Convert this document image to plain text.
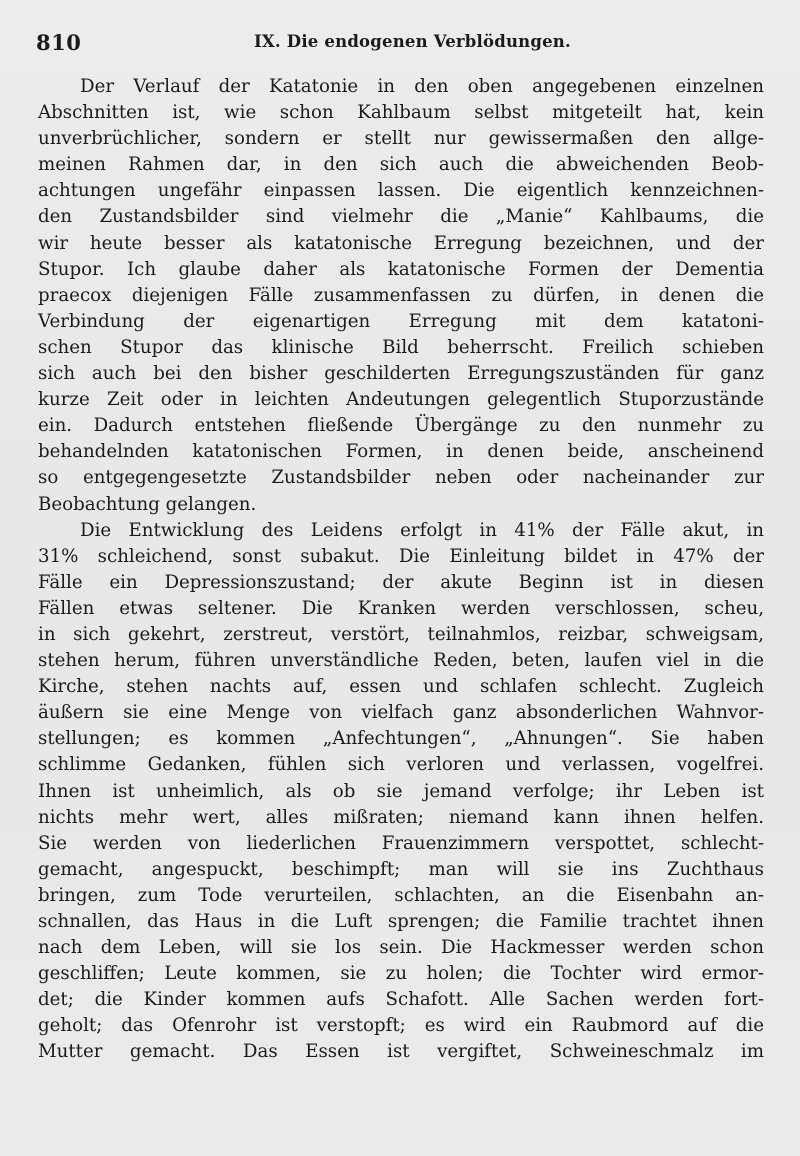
810	IX. Die endogenen Verblödungen.

Der Verlauf der Katatonie in den oben angegebenen einzelnen
Abschnitten ist, wie schon Kahlbaum selbst mitgeteilt hat, kein
unverbrüchlicher, sondern er stellt nur gewissermaßen den allge-
meinen Rahmen dar, in den sich auch die abweichenden Beob-
achtungen ungefähr einpassen lassen. Die eigentlich kennzeichnen-
den Zustandsbilder sind vielmehr die „Manie“ Kahlbaums, die
wir heute besser als katatonische Erregung bezeichnen, und der
Stupor. Ich glaube daher als katatonische Formen der Dementia
praecox diejenigen Fälle zusammenfassen zu dürfen, in denen die
Verbindung der eigenartigen Erregung mit dem katatoni-
schen Stupor das klinische Bild beherrscht. Freilich schieben
sich auch bei den bisher geschilderten Erregungszuständen für ganz
kurze Zeit oder in leichten Andeutungen gelegentlich Stuporzustände
ein. Dadurch entstehen fließende Übergänge zu den nunmehr zu
behandelnden katatonischen Formen, in denen beide, anscheinend
so entgegengesetzte Zustandsbilder neben oder nacheinander zur
Beobachtung gelangen.

Die Entwicklung des Leidens erfolgt in 41% der Fälle akut, in
31% schleichend, sonst subakut. Die Einleitung bildet in 47% der
Fälle ein Depressionszustand; der akute Beginn ist in diesen
Fällen etwas seltener. Die Kranken werden verschlossen, scheu,
in sich gekehrt, zerstreut, verstört, teilnahmlos, reizbar, schweigsam,
stehen herum, führen unverständliche Reden, beten, laufen viel in die
Kirche, stehen nachts auf, essen und schlafen schlecht. Zugleich
äußern sie eine Menge von vielfach ganz absonderlichen Wahnvor-
stellungen; es kommen „Anfechtungen“, „Ahnungen“. Sie haben
schlimme Gedanken, fühlen sich verloren und verlassen, vogelfrei.
Ihnen ist unheimlich, als ob sie jemand verfolge; ihr Leben ist
nichts mehr wert, alles mißraten; niemand kann ihnen helfen.
Sie werden von liederlichen Frauenzimmern verspottet, schlecht-
gemacht, angespuckt, beschimpft; man will sie ins Zuchthaus
bringen, zum Tode verurteilen, schlachten, an die Eisenbahn an-
schnallen, das Haus in die Luft sprengen; die Familie trachtet ihnen
nach dem Leben, will sie los sein. Die Hackmesser werden schon
geschliffen; Leute kommen, sie zu holen; die Tochter wird ermor-
det; die Kinder kommen aufs Schafott. Alle Sachen werden fort-
geholt; das Ofenrohr ist verstopft; es wird ein Raubmord auf die
Mutter gemacht. Das Essen ist vergiftet, Schweineschmalz im
